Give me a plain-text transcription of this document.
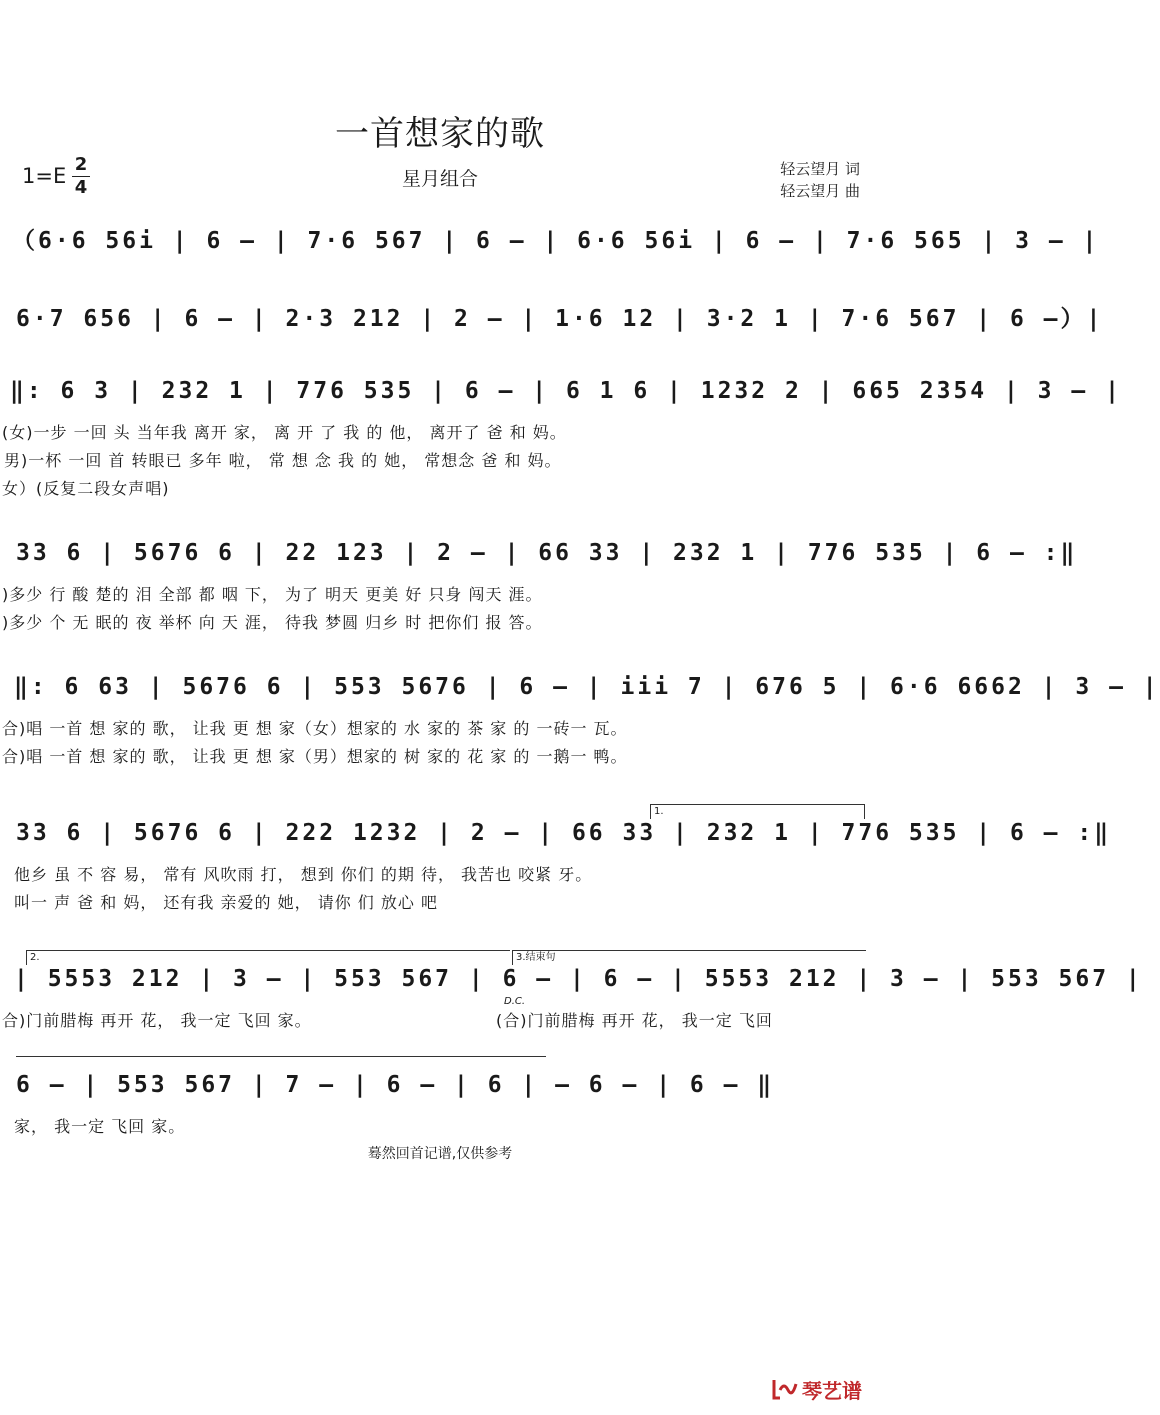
一首想家的歌
1=E 2
4	星月组合	轻云望月 词
轻云望月 曲
（6·6 56i | 6 – | 7·6 567 | 6 – | 6·6 56i | 6 – | 7·6 565 | 3 – |
6·7 656 | 6 – | 2·3 212 | 2 – | 1·6 12 | 3·2 1 | 7·6 567 | 6 –）|
‖: 6 3 | 232 1 | 776 535 | 6 – | 6 1 6 | 1232 2 | 665 2354 | 3 – |
(女)一步 一回 头 当年我 离开 家， 离 开 了 我 的 他， 离开了 爸 和 妈。
男)一杯 一回 首 转眼已 多年 啦， 常 想 念 我 的 她， 常想念 爸 和 妈。
女）(反复二段女声唱)
33 6 | 5676 6 | 22 123 | 2 – | 66 33 | 232 1 | 776 535 | 6 – :‖
)多少 行 酸 楚的 泪 全部 都 咽 下， 为了 明天 更美 好 只身 闯天 涯。
)多少 个 无 眠的 夜 举杯 向 天 涯， 待我 梦圆 归乡 时 把你们 报 答。
‖: 6 63 | 5676 6 | 553 5676 | 6 – | iii 7 | 676 5 | 6·6 6662 | 3 – |
合)唱 一首 想 家的 歌， 让我 更 想 家（女）想家的 水 家的 茶 家 的 一砖一 瓦。
合)唱 一首 想 家的 歌， 让我 更 想 家（男）想家的 树 家的 花 家 的 一鹅一 鸭。
1.
33 6 | 5676 6 | 222 1232 | 2 – | 66 33 | 232 1 | 776 535 | 6 – :‖
他乡 虽 不 容 易， 常有 风吹雨 打， 想到 你们 的期 待， 我苦也 咬紧 牙。
叫一 声 爸 和 妈， 还有我 亲爱的 她， 请你 们 放心 吧
2.	3.结束句
| 5553 212 | 3 – | 553 567 | 6 – | 6 – | 5553 212 | 3 – | 553 567 |
D.C.
合)门前腊梅 再开 花， 我一定 飞回 家。	(合)门前腊梅 再开 花， 我一定 飞回
6 – | 553 567 | 7 – | 6 – | 6 | – 6 – | 6 – ‖
家， 我一定 飞回 家。
蓦然回首记谱,仅供参考
琴艺谱
